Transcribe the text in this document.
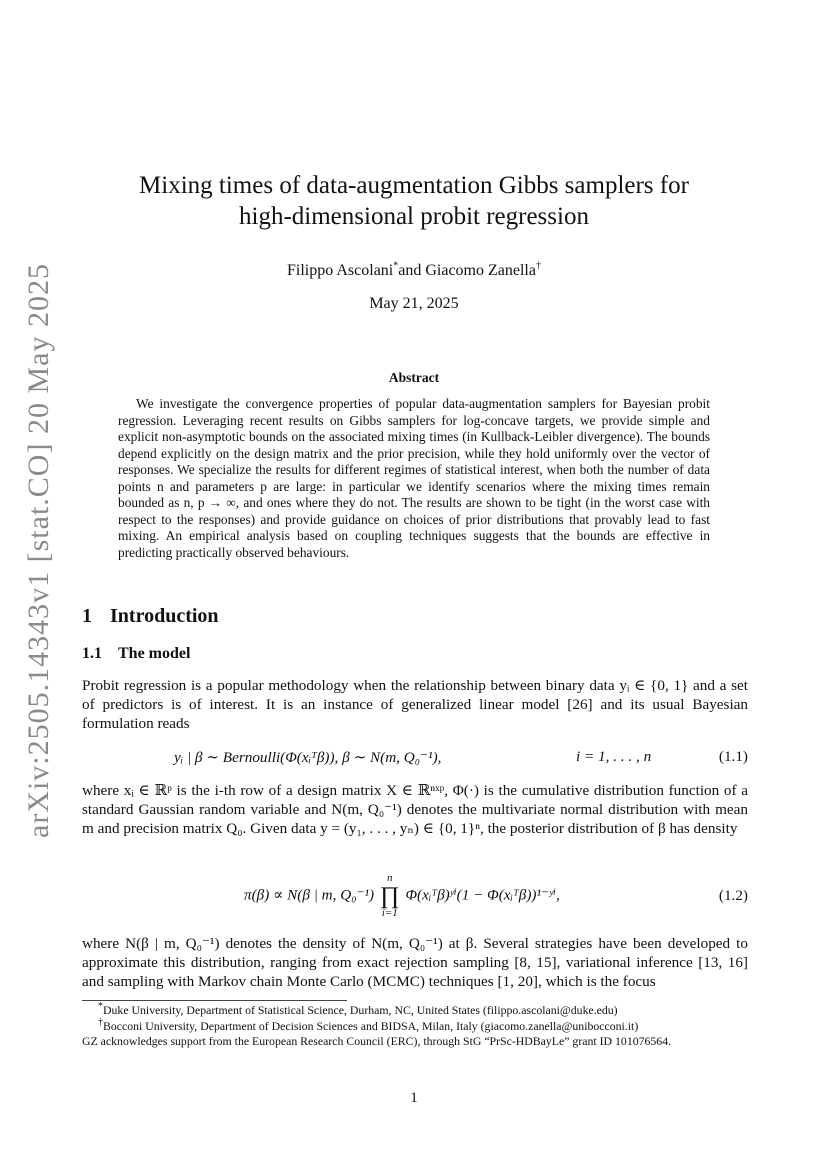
arXiv:2505.14343v1 [stat.CO] 20 May 2025
Mixing times of data-augmentation Gibbs samplers for
high-dimensional probit regression
Filippo Ascolani*and Giacomo Zanella†
May 21, 2025
Abstract
We investigate the convergence properties of popular data-augmentation samplers for Bayesian probit regression. Leveraging recent results on Gibbs samplers for log-concave targets, we provide simple and explicit non-asymptotic bounds on the associated mixing times (in Kullback-Leibler divergence). The bounds depend explicitly on the design matrix and the prior precision, while they hold uniformly over the vector of responses. We specialize the results for different regimes of statistical interest, when both the number of data points n and parameters p are large: in particular we identify scenarios where the mixing times remain bounded as n, p → ∞, and ones where they do not. The results are shown to be tight (in the worst case with respect to the responses) and provide guidance on choices of prior distributions that provably lead to fast mixing. An empirical analysis based on coupling techniques suggests that the bounds are effective in predicting practically observed behaviours.
1 Introduction
1.1 The model
Probit regression is a popular methodology when the relationship between binary data yᵢ ∈ {0, 1} and a set of predictors is of interest. It is an instance of generalized linear model [26] and its usual Bayesian formulation reads
yᵢ | β ∼ Bernoulli(Φ(xᵢᵀβ)), β ∼ N(m, Q₀⁻¹),	i = 1, . . . , n	(1.1)
where xᵢ ∈ ℝᵖ is the i-th row of a design matrix X ∈ ℝⁿˣᵖ, Φ(·) is the cumulative distribution function of a standard Gaussian random variable and N(m, Q₀⁻¹) denotes the multivariate normal distribution with mean m and precision matrix Q₀. Given data y = (y₁, . . . , yₙ) ∈ {0, 1}ⁿ, the posterior distribution of β has density
π(β) ∝ N(β | m, Q₀⁻¹)
n
∏
i=1
Φ(xᵢᵀβ)ʸⁱ(1 − Φ(xᵢᵀβ))¹⁻ʸⁱ,	(1.2)
where N(β | m, Q₀⁻¹) denotes the density of N(m, Q₀⁻¹) at β. Several strategies have been developed to approximate this distribution, ranging from exact rejection sampling [8, 15], variational inference [13, 16] and sampling with Markov chain Monte Carlo (MCMC) techniques [1, 20], which is the focus
*Duke University, Department of Statistical Science, Durham, NC, United States (filippo.ascolani@duke.edu)
†Bocconi University, Department of Decision Sciences and BIDSA, Milan, Italy (giacomo.zanella@unibocconi.it)
GZ acknowledges support from the European Research Council (ERC), through StG “PrSc-HDBayLe” grant ID 101076564.
1
